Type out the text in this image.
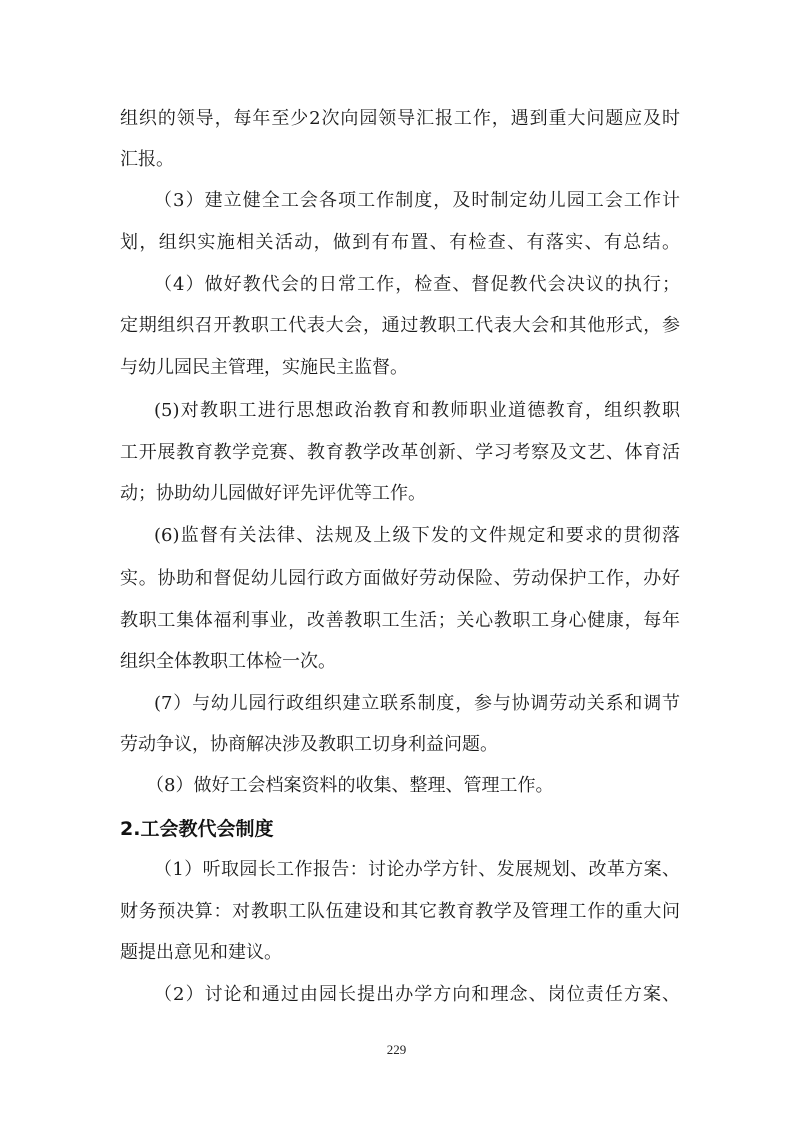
组织的领导，每年至少2次向园领导汇报工作，遇到重大问题应及时
汇报。
（3）建立健全工会各项工作制度，及时制定幼儿园工会工作计
划，组织实施相关活动，做到有布置、有检查、有落实、有总结。
（4）做好教代会的日常工作，检查、督促教代会决议的执行；
定期组织召开教职工代表大会，通过教职工代表大会和其他形式，参
与幼儿园民主管理，实施民主监督。
(5)对教职工进行思想政治教育和教师职业道德教育，组织教职
工开展教育教学竞赛、教育教学改革创新、学习考察及文艺、体育活
动；协助幼儿园做好评先评优等工作。
(6)监督有关法律、法规及上级下发的文件规定和要求的贯彻落
实。协助和督促幼儿园行政方面做好劳动保险、劳动保护工作，办好
教职工集体福利事业，改善教职工生活；关心教职工身心健康，每年
组织全体教职工体检一次。
(7）与幼儿园行政组织建立联系制度，参与协调劳动关系和调节
劳动争议，协商解决涉及教职工切身利益问题。
（8）做好工会档案资料的收集、整理、管理工作。
2.工会教代会制度
（1）听取园长工作报告：讨论办学方针、发展规划、改革方案、
财务预决算：对教职工队伍建设和其它教育教学及管理工作的重大问
题提出意见和建议。
（2）讨论和通过由园长提出办学方向和理念、岗位责任方案、
229
